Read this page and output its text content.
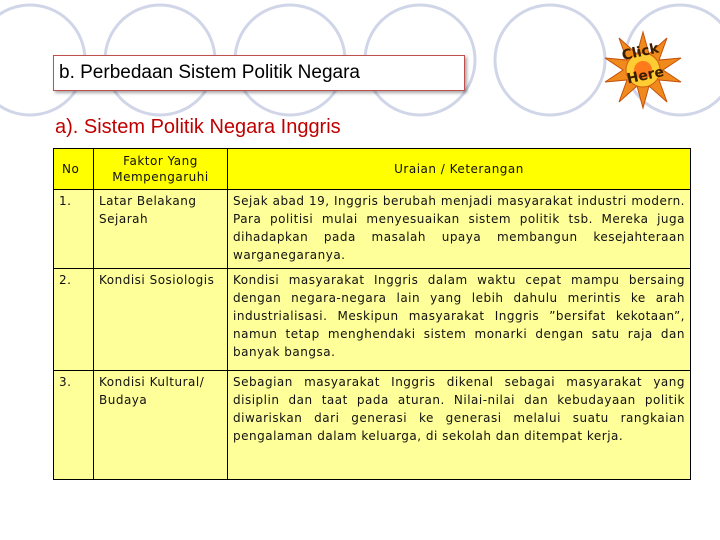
b. Perbedaan Sistem Politik Negara
a). Sistem Politik Negara Inggris
Click
Here
No	Faktor Yang Mempengaruhi	Uraian / Keterangan
1.	Latar Belakang Sejarah	Sejak abad 19, Inggris berubah menjadi masyarakat industri modern. Para politisi mulai menyesuaikan sistem politik tsb. Mereka juga dihadapkan pada masalah upaya membangun kesejahteraan warganegaranya.
2.	Kondisi Sosiologis	Kondisi masyarakat Inggris dalam waktu cepat mampu bersaing dengan negara-negara lain yang lebih dahulu merintis ke arah industrialisasi. Meskipun masyarakat Inggris ”bersifat kekotaan”, namun tetap menghendaki sistem monarki dengan satu raja dan banyak bangsa.
3.	Kondisi Kultural/ Budaya	Sebagian masyarakat Inggris dikenal sebagai masyarakat yang disiplin dan taat pada aturan. Nilai-nilai dan kebudayaan politik diwariskan dari generasi ke generasi melalui suatu rangkaian pengalaman dalam keluarga, di sekolah dan ditempat kerja.
